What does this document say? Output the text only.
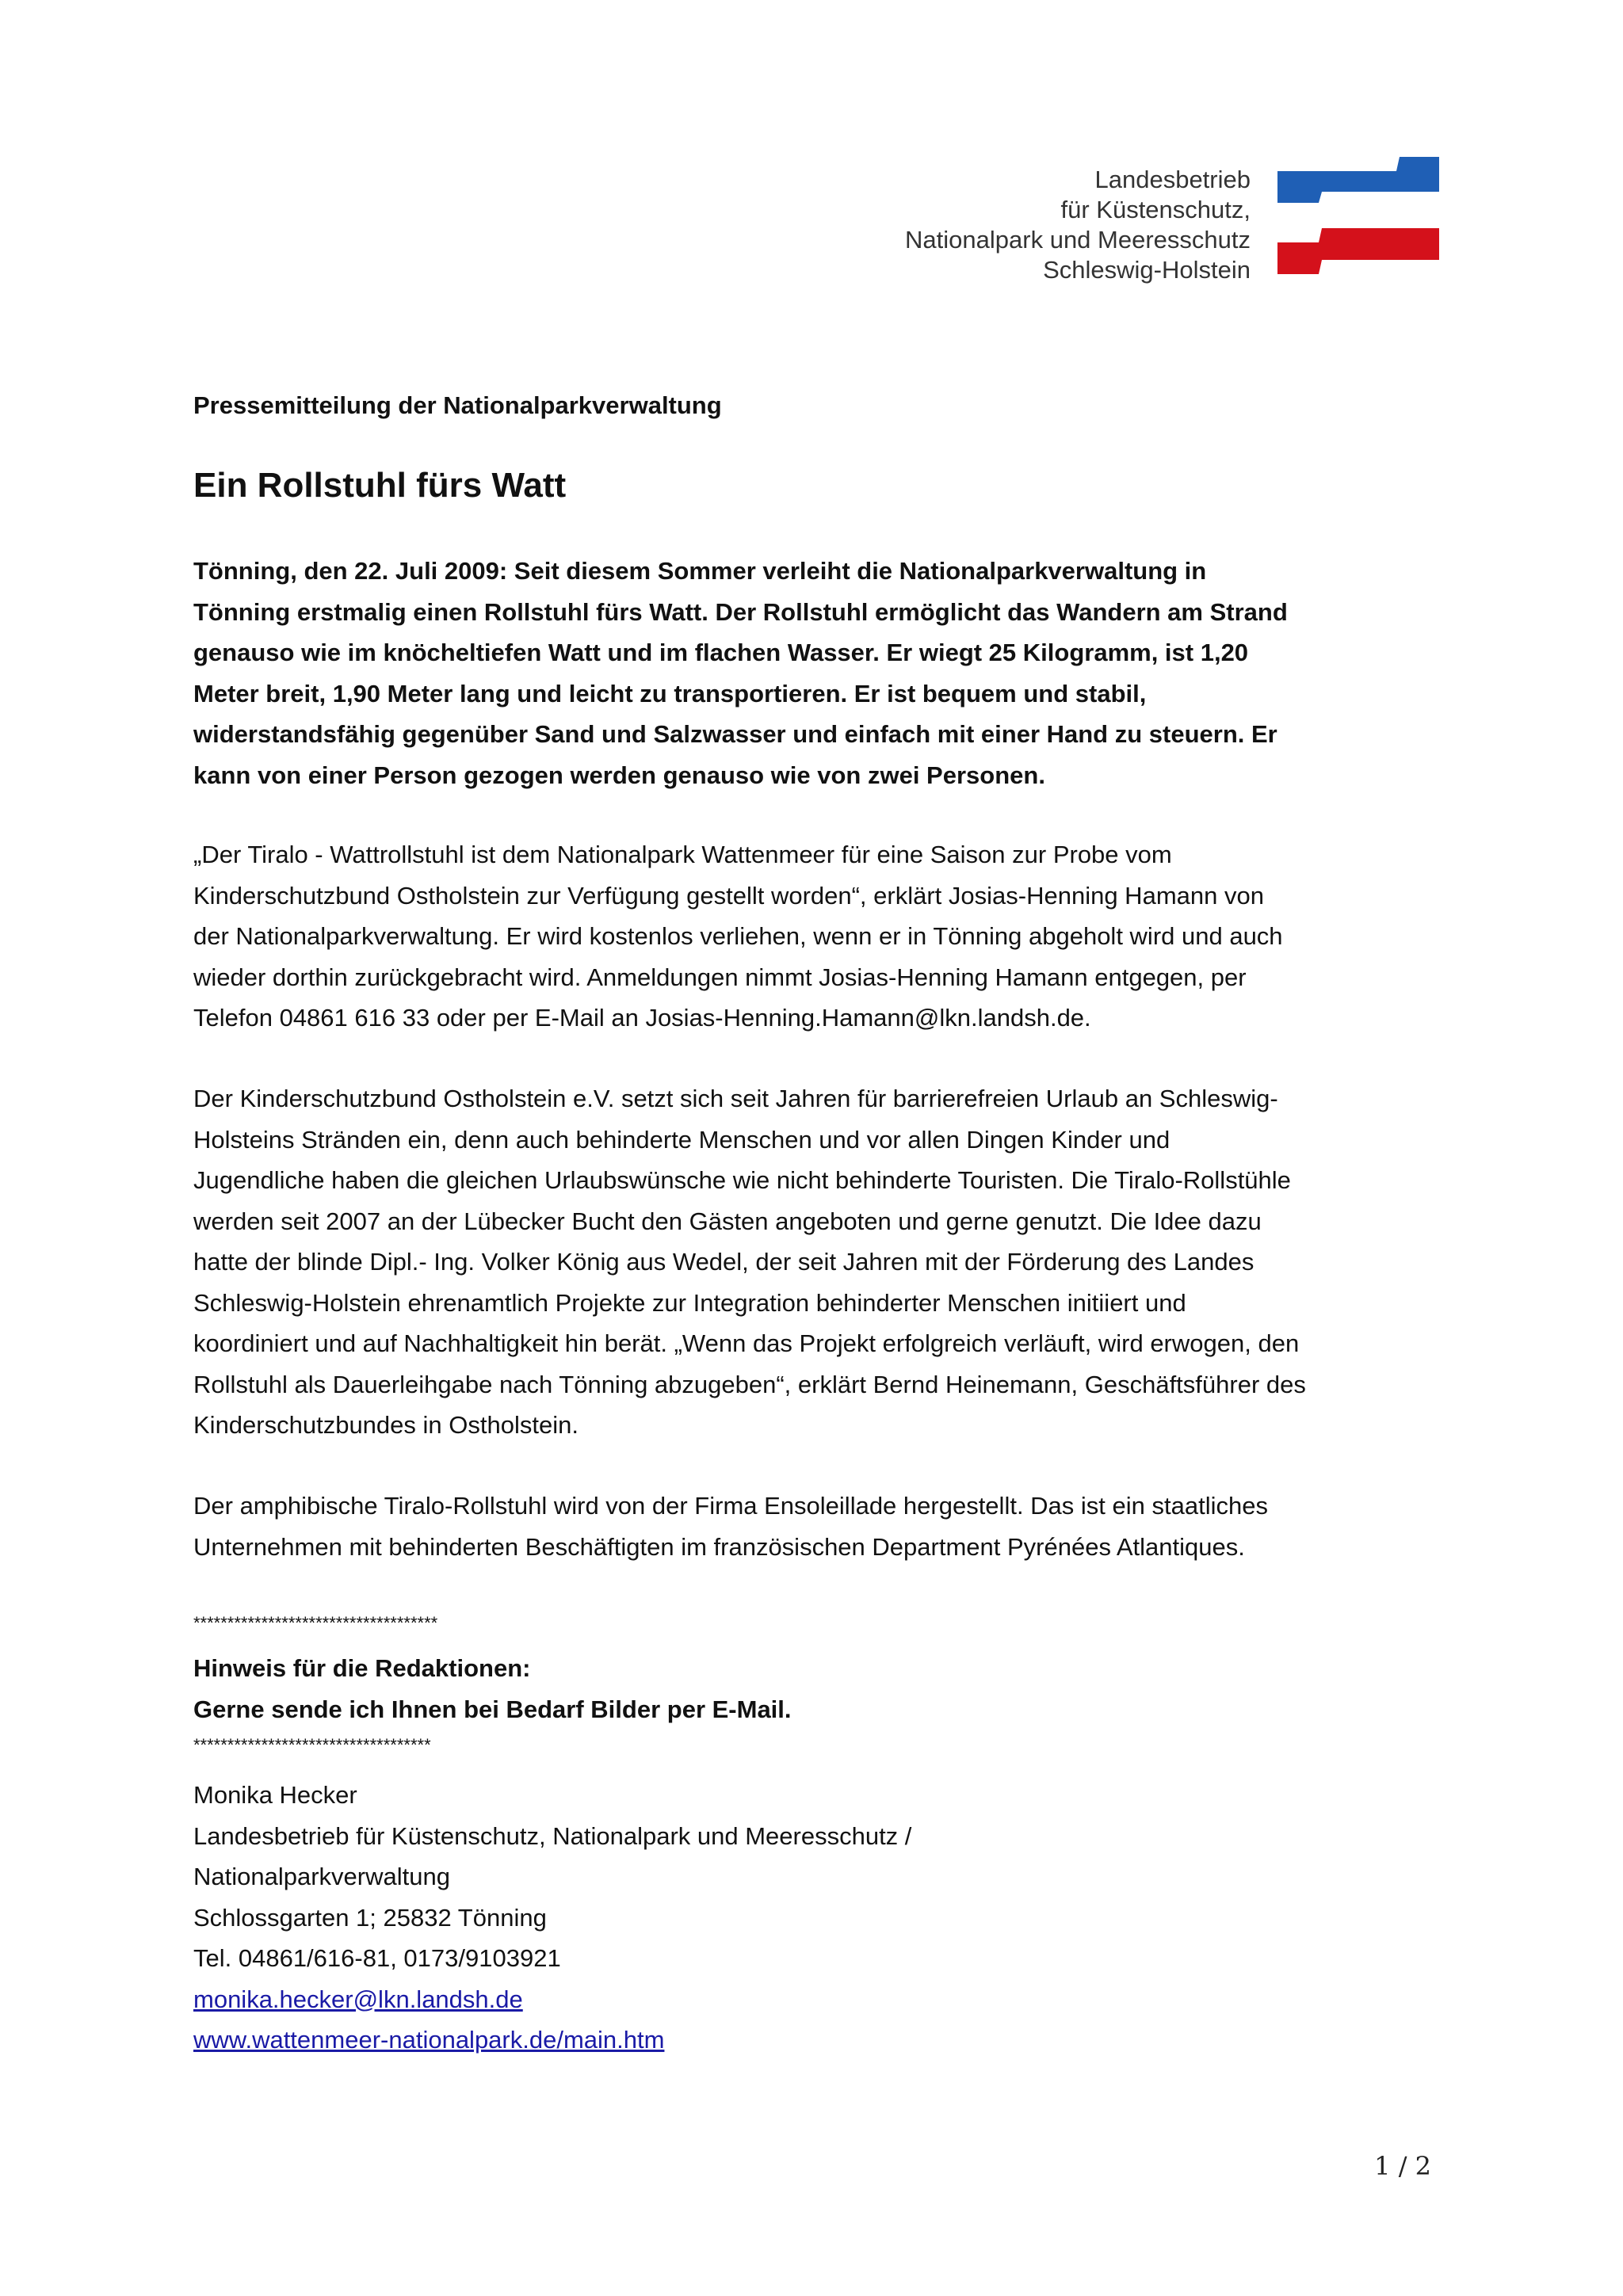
Landesbetrieb
für Küstenschutz,
Nationalpark und Meeresschutz
Schleswig-Holstein
Pressemitteilung der Nationalparkverwaltung
Ein Rollstuhl fürs Watt
Tönning, den 22. Juli 2009: Seit diesem Sommer verleiht die Nationalparkverwaltung in
Tönning erstmalig einen Rollstuhl fürs Watt. Der Rollstuhl ermöglicht das Wandern am Strand
genauso wie im knöcheltiefen Watt und im flachen Wasser. Er wiegt 25 Kilogramm, ist 1,20
Meter breit, 1,90 Meter lang und leicht zu transportieren. Er ist bequem und stabil,
widerstandsfähig gegenüber Sand und Salzwasser und einfach mit einer Hand zu steuern. Er
kann von einer Person gezogen werden genauso wie von zwei Personen.
„Der Tiralo - Wattrollstuhl ist dem Nationalpark Wattenmeer für eine Saison zur Probe vom
Kinderschutzbund Ostholstein zur Verfügung gestellt worden“, erklärt Josias-Henning Hamann von
der Nationalparkverwaltung. Er wird kostenlos verliehen, wenn er in Tönning abgeholt wird und auch
wieder dorthin zurückgebracht wird. Anmeldungen nimmt Josias-Henning Hamann entgegen, per
Telefon 04861 616 33 oder per E-Mail an Josias-Henning.Hamann@lkn.landsh.de.
Der Kinderschutzbund Ostholstein e.V. setzt sich seit Jahren für barrierefreien Urlaub an Schleswig-
Holsteins Stränden ein, denn auch behinderte Menschen und vor allen Dingen Kinder und
Jugendliche haben die gleichen Urlaubswünsche wie nicht behinderte Touristen. Die Tiralo-Rollstühle
werden seit 2007 an der Lübecker Bucht den Gästen angeboten und gerne genutzt. Die Idee dazu
hatte der blinde Dipl.- Ing. Volker König aus Wedel, der seit Jahren mit der Förderung des Landes
Schleswig-Holstein ehrenamtlich Projekte zur Integration behinderter Menschen initiiert und
koordiniert und auf Nachhaltigkeit hin berät. „Wenn das Projekt erfolgreich verläuft, wird erwogen, den
Rollstuhl als Dauerleihgabe nach Tönning abzugeben“, erklärt Bernd Heinemann, Geschäftsführer des
Kinderschutzbundes in Ostholstein.
Der amphibische Tiralo-Rollstuhl wird von der Firma Ensoleillade hergestellt. Das ist ein staatliches
Unternehmen mit behinderten Beschäftigten im französischen Department Pyrénées Atlantiques.
************************************
Hinweis für die Redaktionen:
Gerne sende ich Ihnen bei Bedarf Bilder per E-Mail.
***********************************
Monika Hecker
Landesbetrieb für Küstenschutz, Nationalpark und Meeresschutz /
Nationalparkverwaltung
Schlossgarten 1; 25832 Tönning
Tel. 04861/616-81, 0173/9103921
monika.hecker@lkn.landsh.de
www.wattenmeer-nationalpark.de/main.htm
1 / 2
